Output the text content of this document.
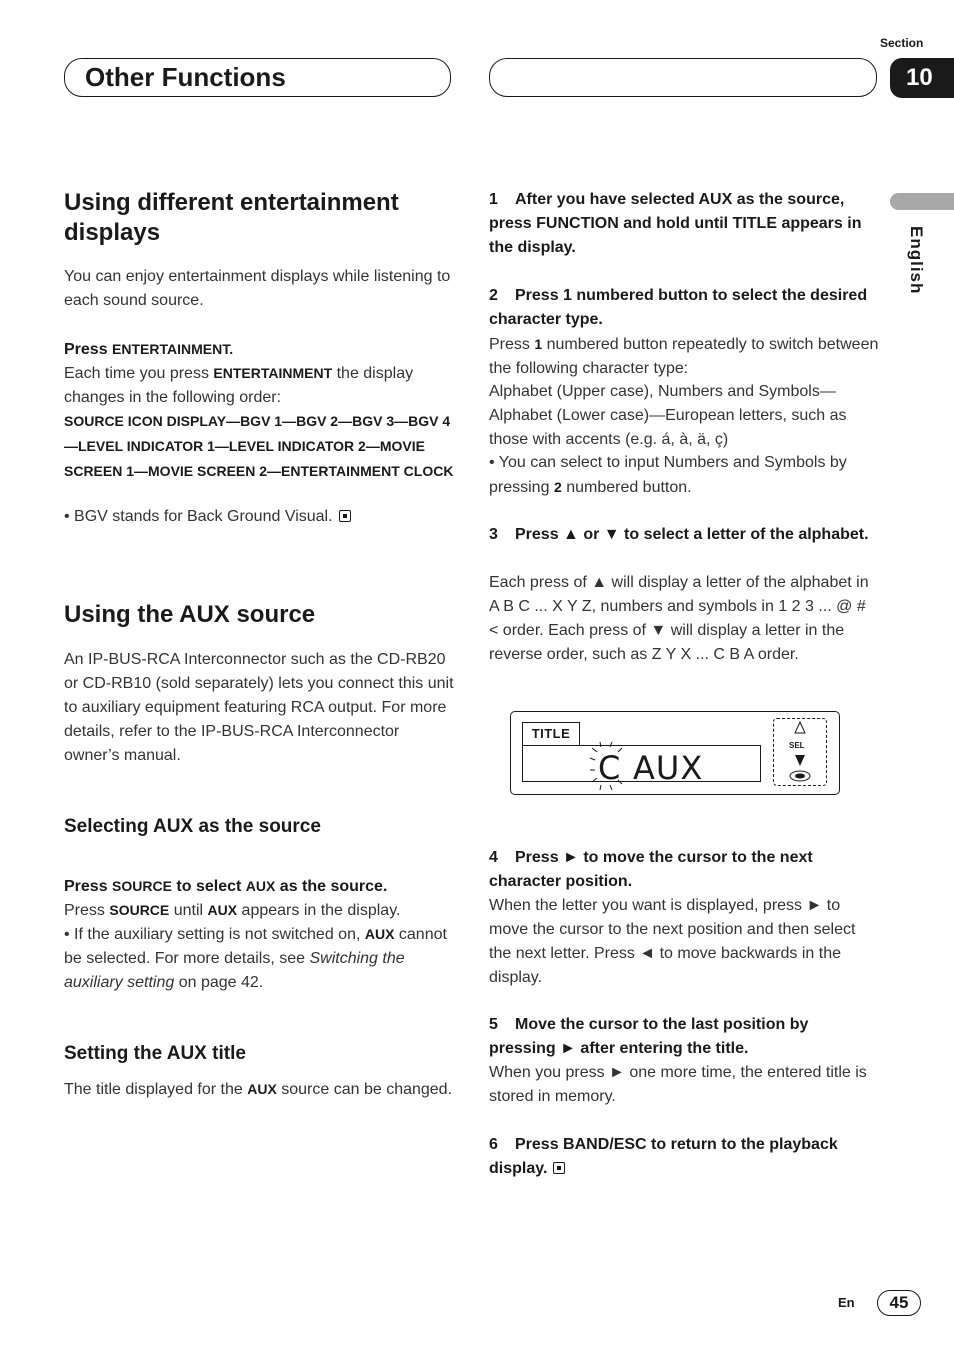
Other Functions
Section
10
English
Using different entertainment displays
You can enjoy entertainment displays while listening to each sound source.
Press ENTERTAINMENT.
Each time you press ENTERTAINMENT the display changes in the following order:
SOURCE ICON DISPLAY—BGV 1—BGV 2—BGV 3—BGV 4—LEVEL INDICATOR 1—LEVEL INDICATOR 2—MOVIE SCREEN 1—MOVIE SCREEN 2—ENTERTAINMENT CLOCK
• BGV stands for Back Ground Visual.
Using the AUX source
An IP-BUS-RCA Interconnector such as the CD-RB20 or CD-RB10 (sold separately) lets you connect this unit to auxiliary equipment featuring RCA output. For more details, refer to the IP-BUS-RCA Interconnector owner’s manual.
Selecting AUX as the source
Press SOURCE to select AUX as the source.
Press SOURCE until AUX appears in the display.
• If the auxiliary setting is not switched on, AUX cannot be selected. For more details, see Switching the auxiliary setting on page 42.
Setting the AUX title
The title displayed for the AUX source can be changed.
1 After you have selected AUX as the source, press FUNCTION and hold until TITLE appears in the display.
2 Press 1 numbered button to select the desired character type.
Press 1 numbered button repeatedly to switch between the following character type:
Alphabet (Upper case), Numbers and Symbols—Alphabet (Lower case)—European letters, such as those with accents (e.g. á, à, ä, ç)
• You can select to input Numbers and Symbols by pressing 2 numbered button.
3 Press ▲ or ▼ to select a letter of the alphabet.
Each press of ▲ will display a letter of the alphabet in A B C ... X Y Z, numbers and symbols in 1 2 3 ... @ # < order. Each press of ▼ will display a letter in the reverse order, such as Z Y X ... C B A order.
TITLE
C AUX
SEL
4 Press ► to move the cursor to the next character position.
When the letter you want is displayed, press ► to move the cursor to the next position and then select the next letter. Press ◄ to move backwards in the display.
5 Move the cursor to the last position by pressing ► after entering the title.
When you press ► one more time, the entered title is stored in memory.
6 Press BAND/ESC to return to the playback display.
En	45
